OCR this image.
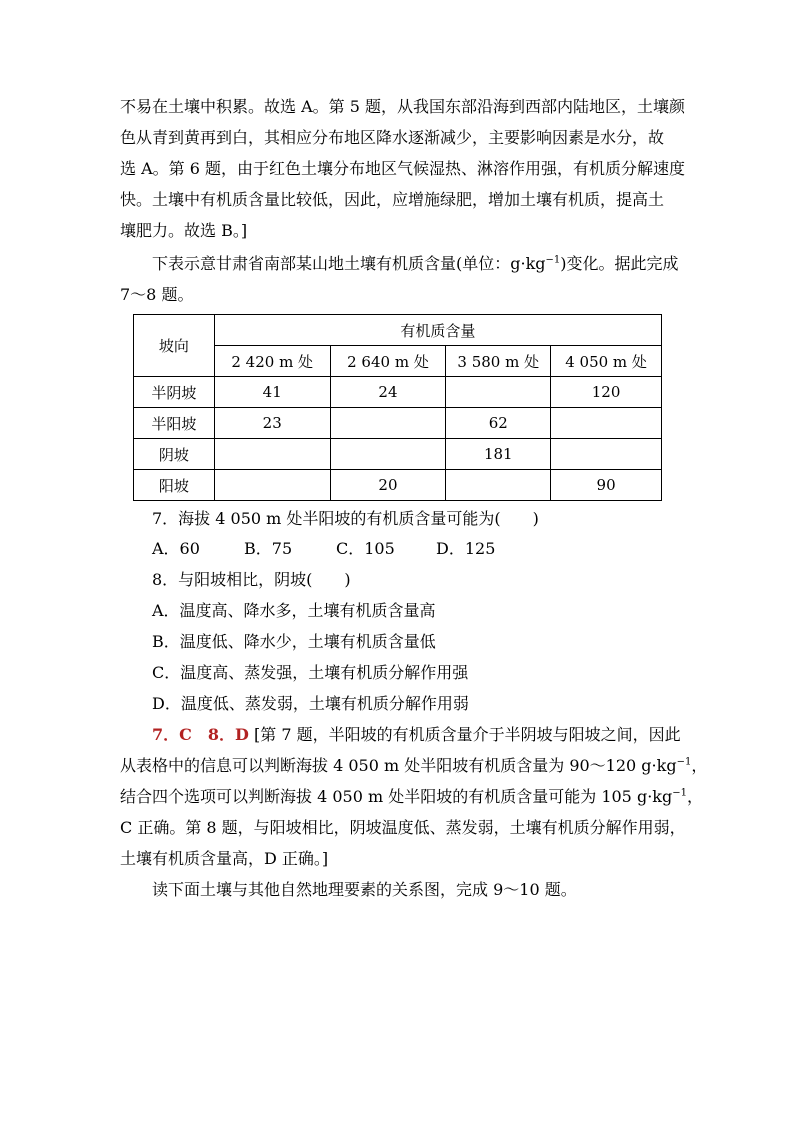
不易在土壤中积累。故选 A。第 5 题，从我国东部沿海到西部内陆地区，土壤颜
色从青到黄再到白，其相应分布地区降水逐渐减少，主要影响因素是水分，故
选 A。第 6 题，由于红色土壤分布地区气候湿热、淋溶作用强，有机质分解速度
快。土壤中有机质含量比较低，因此，应增施绿肥，增加土壤有机质，提高土
壤肥力。故选 B。]
下表示意甘肃省南部某山地土壤有机质含量(单位：$g\cdot kg^{-1}$)变化。据此完成
7～8 题。
坡向	有机质含量			
	2 420 m 处	2 640 m 处	3 580 m 处	4 050 m 处
半阴坡	41	24		120
半阳坡	23		62	
阴坡			181	
阳坡		20		90
7．海拔 4 050 m 处半阳坡的有机质含量可能为(　　)
A．60	B．75	C．105	D．125
8．与阳坡相比，阴坡(　　)
A．温度高、降水多，土壤有机质含量高
B．温度低、降水少，土壤有机质含量低
C．温度高、蒸发强，土壤有机质分解作用强
D．温度低、蒸发弱，土壤有机质分解作用弱
7．C　8．D [第 7 题，半阳坡的有机质含量介于半阴坡与阳坡之间，因此
从表格中的信息可以判断海拔 4 050 m 处半阳坡有机质含量为 90～120 $g\cdot kg^{-1}$，
结合四个选项可以判断海拔 4 050 m 处半阳坡的有机质含量可能为 105 $g\cdot kg^{-1}$，
C 正确。第 8 题，与阳坡相比，阴坡温度低、蒸发弱，土壤有机质分解作用弱，
土壤有机质含量高，D 正确。]
读下面土壤与其他自然地理要素的关系图，完成 9～10 题。
